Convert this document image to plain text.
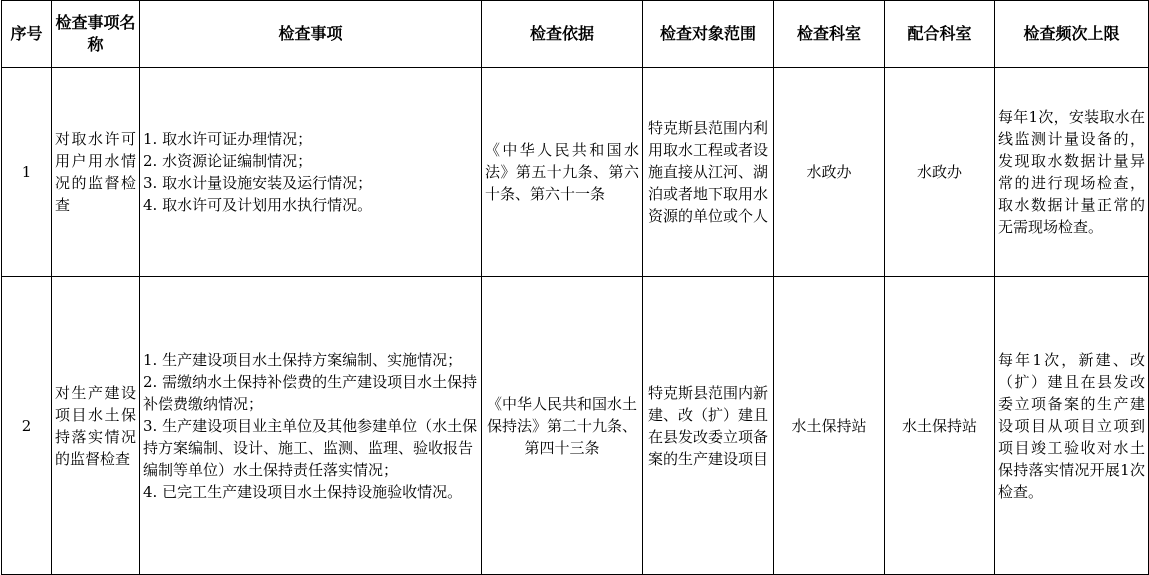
序号	检查事项名称	检查事项	检查依据	检查对象范围	检查科室	配合科室	检查频次上限
1	对取水许可用户用水情况的监督检查	1. 取水许可证办理情况；
2. 水资源论证编制情况；
3. 取水计量设施安装及运行情况；
4. 取水许可及计划用水执行情况。	《中华人民共和国水法》第五十九条、第六十条、第六十一条	特克斯县范围内利用取水工程或者设施直接从江河、湖泊或者地下取用水资源的单位或个人	水政办	水政办	每年1次，安装取水在线监测计量设备的，发现取水数据计量异常的进行现场检查，取水数据计量正常的无需现场检查。
2	对生产建设项目水土保持落实情况的监督检查	1. 生产建设项目水土保持方案编制、实施情况；
2. 需缴纳水土保持补偿费的生产建设项目水土保持补偿费缴纳情况；
3. 生产建设项目业主单位及其他参建单位（水土保持方案编制、设计、施工、监测、监理、验收报告编制等单位）水土保持责任落实情况；
4. 已完工生产建设项目水土保持设施验收情况。	《中华人民共和国水土保持法》第二十九条、第四十三条	特克斯县范围内新建、改（扩）建且在县发改委立项备案的生产建设项目	水土保持站	水土保持站	每年1次，新建、改（扩）建且在县发改委立项备案的生产建设项目从项目立项到项目竣工验收对水土保持落实情况开展1次检查。
